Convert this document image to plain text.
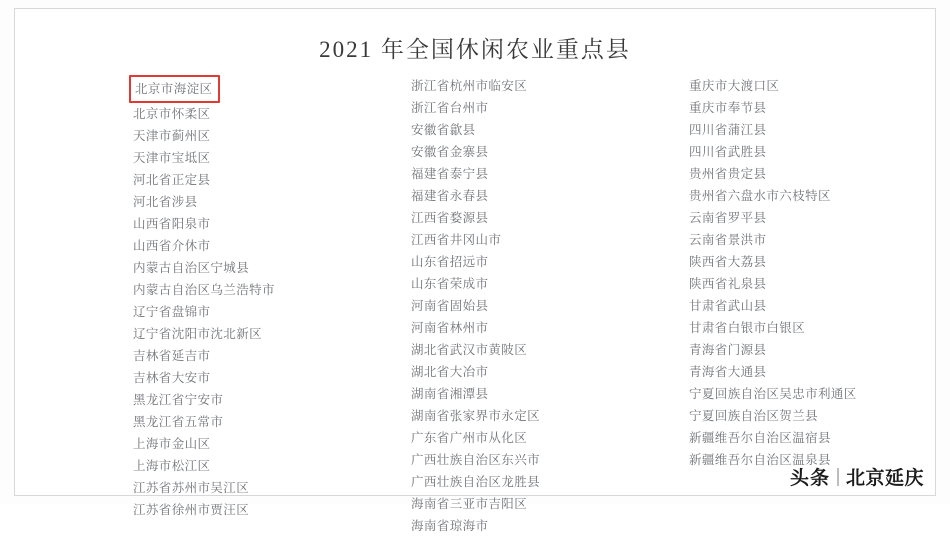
2021 年全国休闲农业重点县
北京市海淀区
北京市怀柔区
天津市蓟州区
天津市宝坻区
河北省正定县
河北省涉县
山西省阳泉市
山西省介休市
内蒙古自治区宁城县
内蒙古自治区乌兰浩特市
辽宁省盘锦市
辽宁省沈阳市沈北新区
吉林省延吉市
吉林省大安市
黑龙江省宁安市
黑龙江省五常市
上海市金山区
上海市松江区
江苏省苏州市吴江区
江苏省徐州市贾汪区
浙江省杭州市临安区
浙江省台州市
安徽省歙县
安徽省金寨县
福建省泰宁县
福建省永春县
江西省婺源县
江西省井冈山市
山东省招远市
山东省荣成市
河南省固始县
河南省林州市
湖北省武汉市黄陂区
湖北省大冶市
湖南省湘潭县
湖南省张家界市永定区
广东省广州市从化区
广西壮族自治区东兴市
广西壮族自治区龙胜县
海南省三亚市吉阳区
海南省琼海市
重庆市大渡口区
重庆市奉节县
四川省蒲江县
四川省武胜县
贵州省贵定县
贵州省六盘水市六枝特区
云南省罗平县
云南省景洪市
陕西省大荔县
陕西省礼泉县
甘肃省武山县
甘肃省白银市白银区
青海省门源县
青海省大通县
宁夏回族自治区吴忠市利通区
宁夏回族自治区贺兰县
新疆维吾尔自治区温宿县
新疆维吾尔自治区温泉县
头条 北京延庆
